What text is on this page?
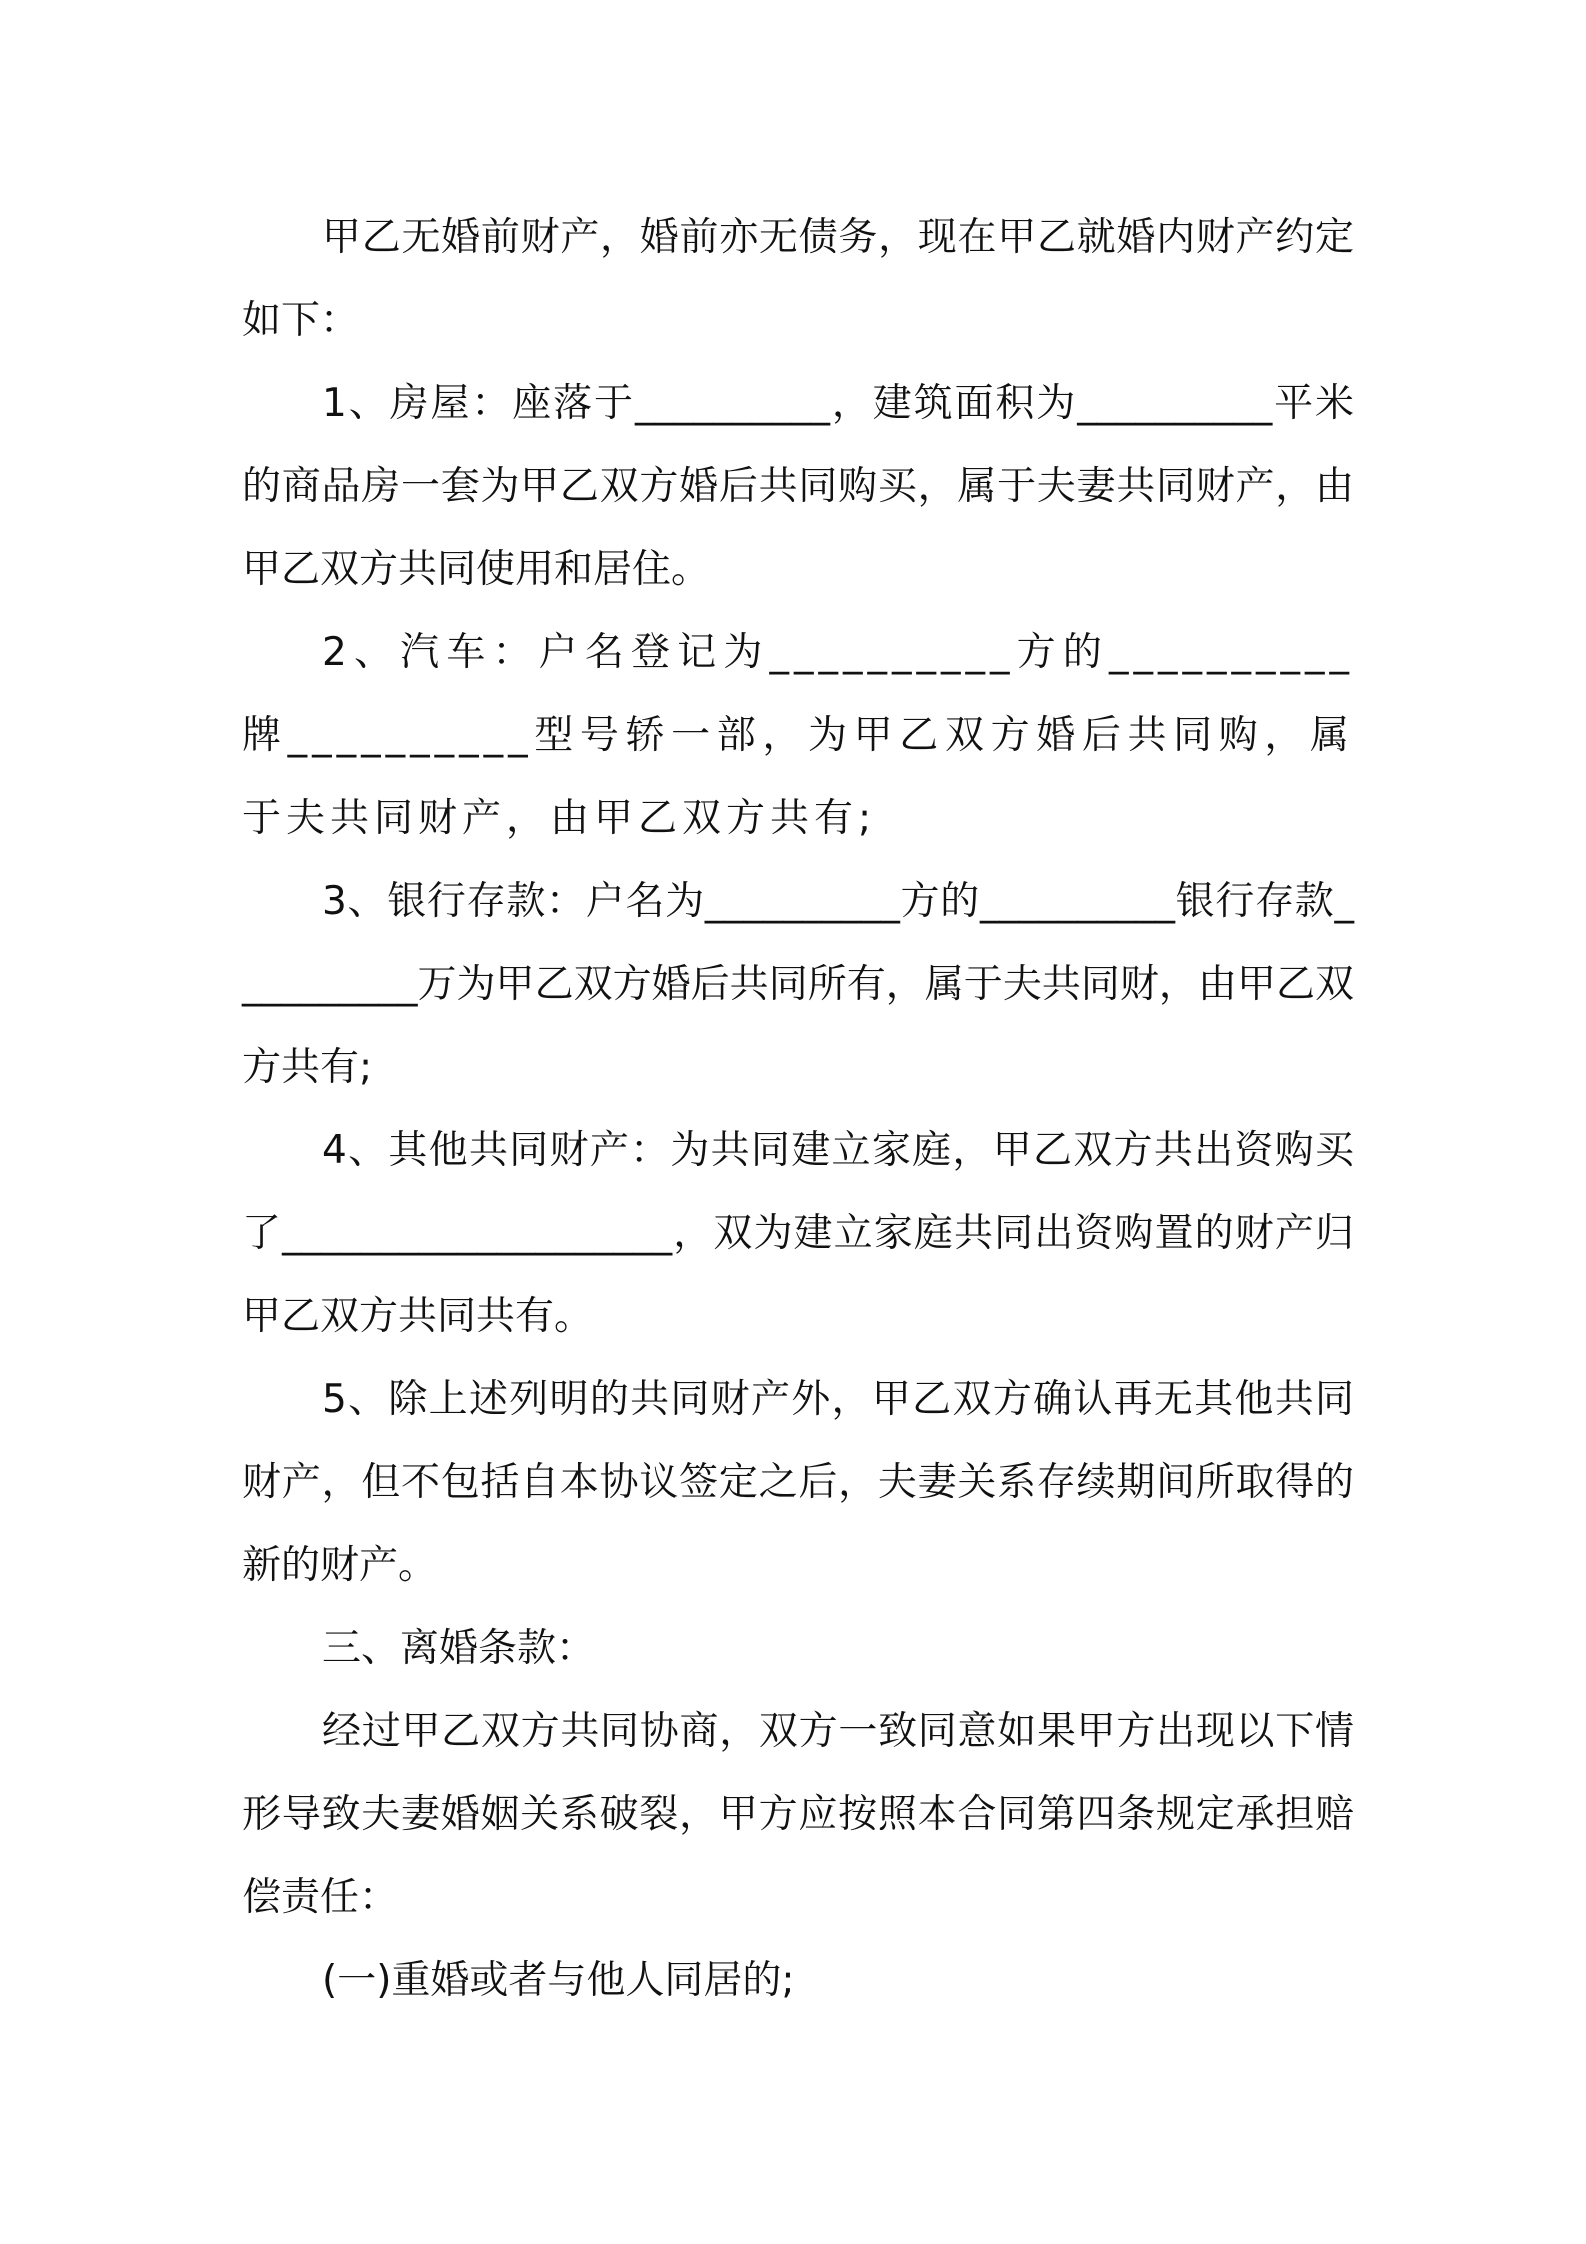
甲乙无婚前财产，婚前亦无债务，现在甲乙就婚内财产约定如下：

1、房屋：座落于__________，建筑面积为__________平米的商品房一套为甲乙双方婚后共同购买，属于夫妻共同财产，由甲乙双方共同使用和居住。

2、汽车：户名登记为__________方的__________牌__________型号轿一部，为甲乙双方婚后共同购，属于夫共同财产，由甲乙双方共有;

3、银行存款：户名为__________方的__________银行存款__________万为甲乙双方婚后共同所有，属于夫共同财，由甲乙双方共有;

4、其他共同财产：为共同建立家庭，甲乙双方共出资购买了____________________，双为建立家庭共同出资购置的财产归甲乙双方共同共有。

5、除上述列明的共同财产外，甲乙双方确认再无其他共同财产，但不包括自本协议签定之后，夫妻关系存续期间所取得的新的财产。

三、离婚条款：

经过甲乙双方共同协商，双方一致同意如果甲方出现以下情形导致夫妻婚姻关系破裂，甲方应按照本合同第四条规定承担赔偿责任：

(一)重婚或者与他人同居的;
